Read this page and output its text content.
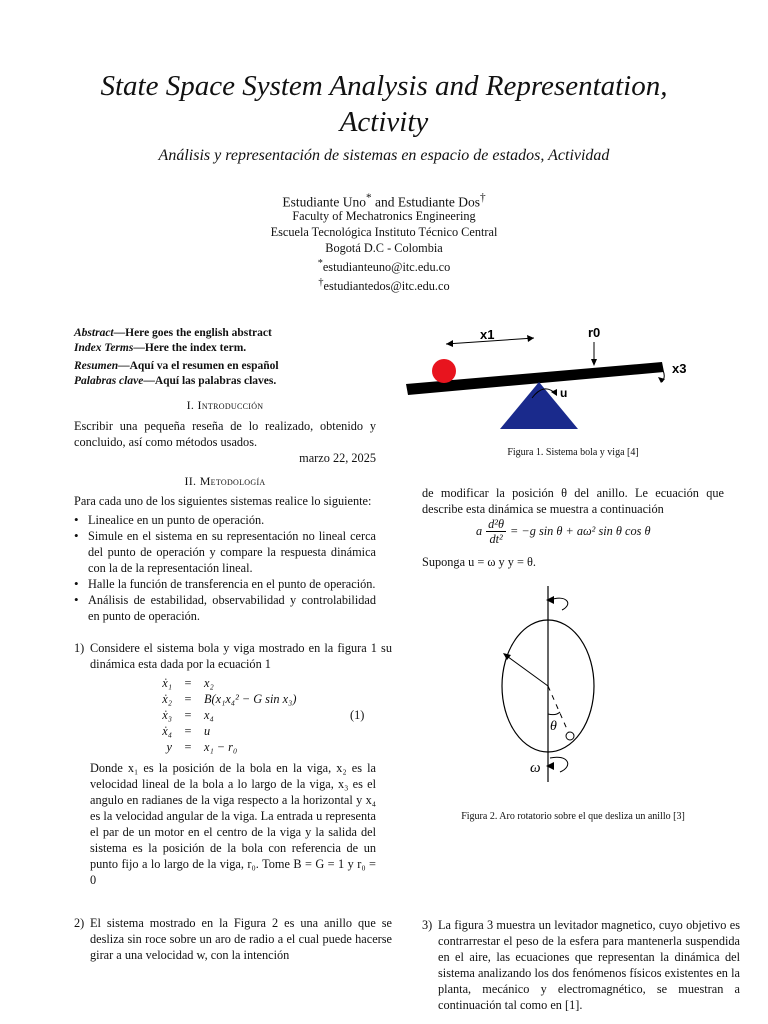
State Space System Analysis and Representation,
Activity
Análisis y representación de sistemas en espacio de estados, Actividad
Estudiante Uno* and Estudiante Dos†
Faculty of Mechatronics Engineering
Escuela Tecnológica Instituto Técnico Central
Bogotá D.C - Colombia
*estudianteuno@itc.edu.co
†estudiantedos@itc.edu.co
Abstract—Here goes the english abstract
Index Terms—Here the index term.
Resumen—Aquí va el resumen en español
Palabras clave—Aquí las palabras claves.
I. Introducción
Escribir una pequeña reseña de lo realizado, obtenido y concluido, así como métodos usados.
marzo 22, 2025
II. Metodología
Para cada uno de los siguientes sistemas realice lo siguiente:
• Linealice en un punto de operación.
• Simule en el sistema en su representación no lineal cerca del punto de operación y compare la respuesta dinámica con la de la representación lineal.
• Halle la función de transferencia en el punto de operación.
• Análisis de estabilidad, observabilidad y controlabilidad en punto de operación.
1) Considere el sistema bola y viga mostrado en la figura 1 su dinámica esta dada por la ecuación 1
ẋ₁	=	x₂
ẋ₂	=	B(x₁x₄² − G sin x₃)
ẋ₃	=	x₄
ẋ₄	=	u
y	=	x₁ − r₀
(1)
Donde x₁ es la posición de la bola en la viga, x₂ es la velocidad lineal de la bola a lo largo de la viga, x₃ es el angulo en radianes de la viga respecto a la horizontal y x₄ es la velocidad angular de la viga. La entrada u representa el par de un motor en el centro de la viga y la salida del sistema es la posición de la bola con referencia de un punto fijo a lo largo de la viga, r₀. Tome B = G = 1 y r₀ = 0
2) El sistema mostrado en la Figura 2 es una anillo que se desliza sin roce sobre un aro de radio a el cual puede hacerse girar a una velocidad w, con la intención
x1	r0
x3
u
Figura 1. Sistema bola y viga [4]
de modificar la posición θ del anillo. Le ecuación que describe esta dinámica se muestra a continuación
a $\frac{\text{d²θ}}{\text{dt²}} = -g$ sin θ + aω² sin θ cos θ
Suponga u = ω y y = θ.
θ
ω
Figura 2. Aro rotatorio sobre el que desliza un anillo [3]
3) La figura 3 muestra un levitador magnetico, cuyo objetivo es contrarrestar el peso de la esfera para mantenerla suspendida en el aire, las ecuaciones que representan la dinámica del sistema analizando los dos fenómenos físicos existentes en la planta, mecánico y electromagnético, se muestran a continuación tal como en [1].
